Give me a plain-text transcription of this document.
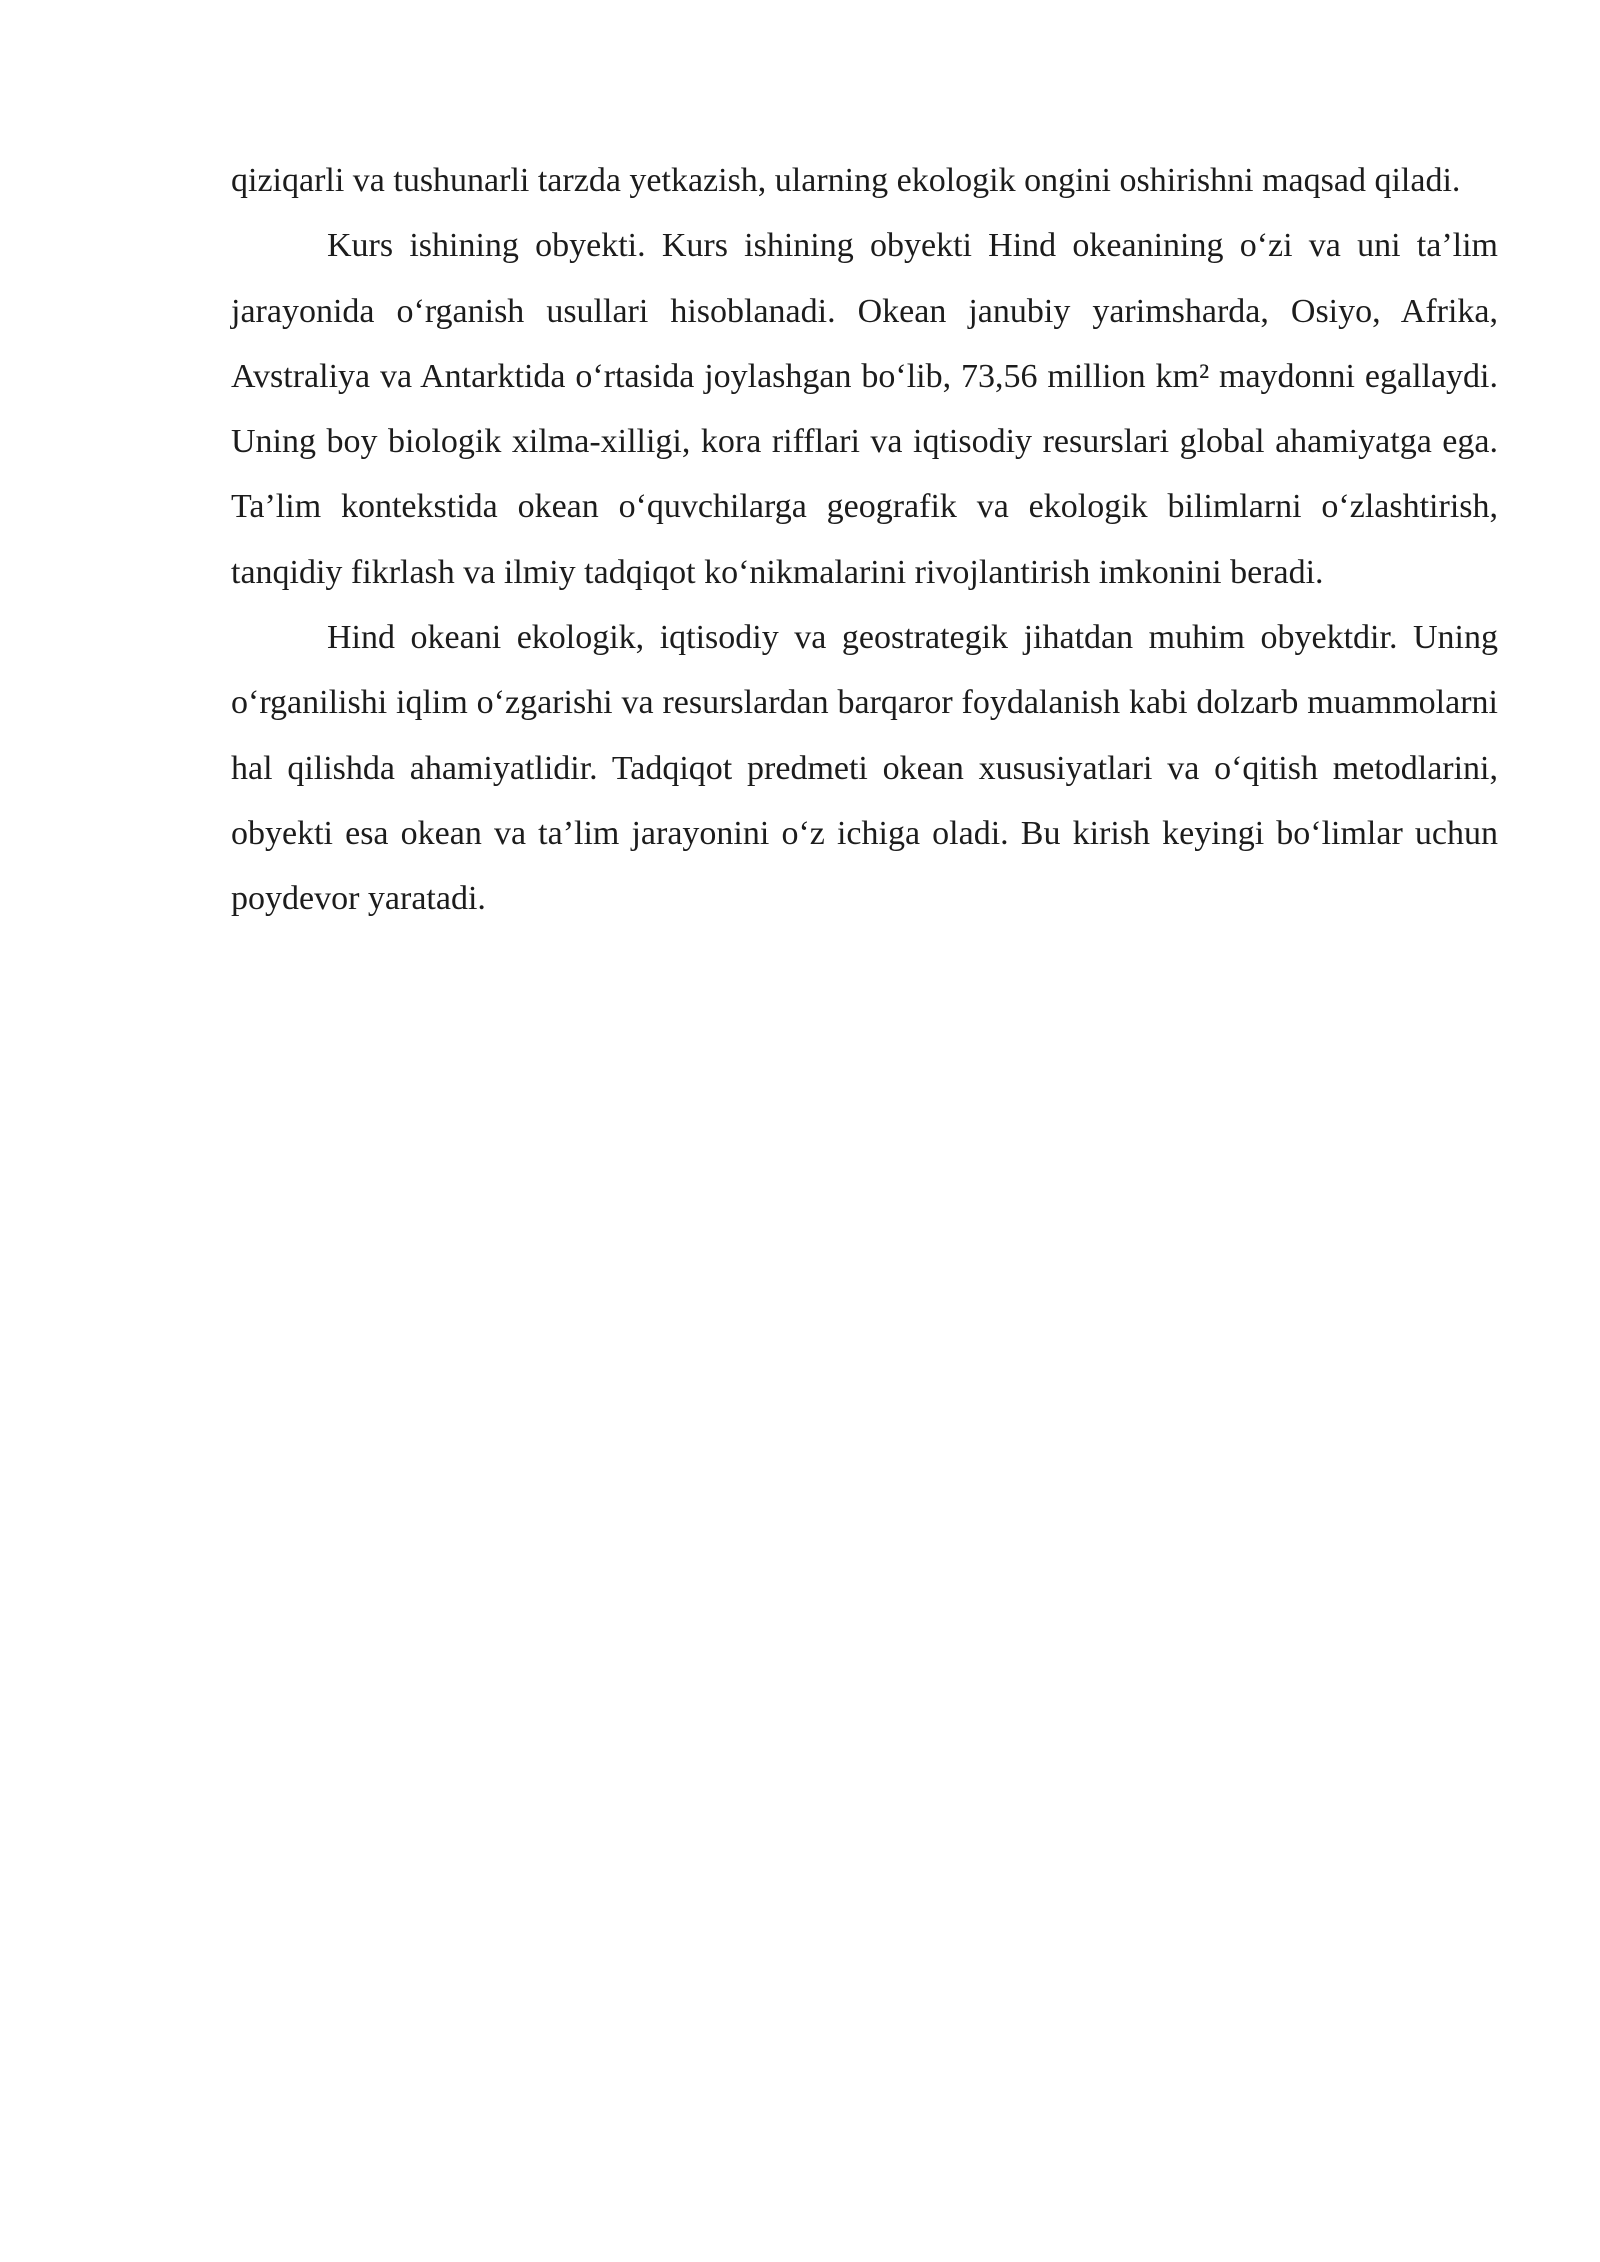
qiziqarli va tushunarli tarzda yetkazish, ularning ekologik ongini oshirishni maqsad qiladi.

Kurs ishining obyekti. Kurs ishining obyekti Hind okeanining o‘zi va uni ta’lim jarayonida o‘rganish usullari hisoblanadi. Okean janubiy yarimsharda, Osiyo, Afrika, Avstraliya va Antarktida o‘rtasida joylashgan bo‘lib, 73,56 million km² maydonni egallaydi. Uning boy biologik xilma-xilligi, kora rifflari va iqtisodiy resurslari global ahamiyatga ega. Ta’lim kontekstida okean o‘quvchilarga geografik va ekologik bilimlarni o‘zlashtirish, tanqidiy fikrlash va ilmiy tadqiqot ko‘nikmalarini rivojlantirish imkonini beradi.

Hind okeani ekologik, iqtisodiy va geostrategik jihatdan muhim obyektdir. Uning o‘rganilishi iqlim o‘zgarishi va resurslardan barqaror foydalanish kabi dolzarb muammolarni hal qilishda ahamiyatlidir. Tadqiqot predmeti okean xususiyatlari va o‘qitish metodlarini, obyekti esa okean va ta’lim jarayonini o‘z ichiga oladi. Bu kirish keyingi bo‘limlar uchun poydevor yaratadi.
